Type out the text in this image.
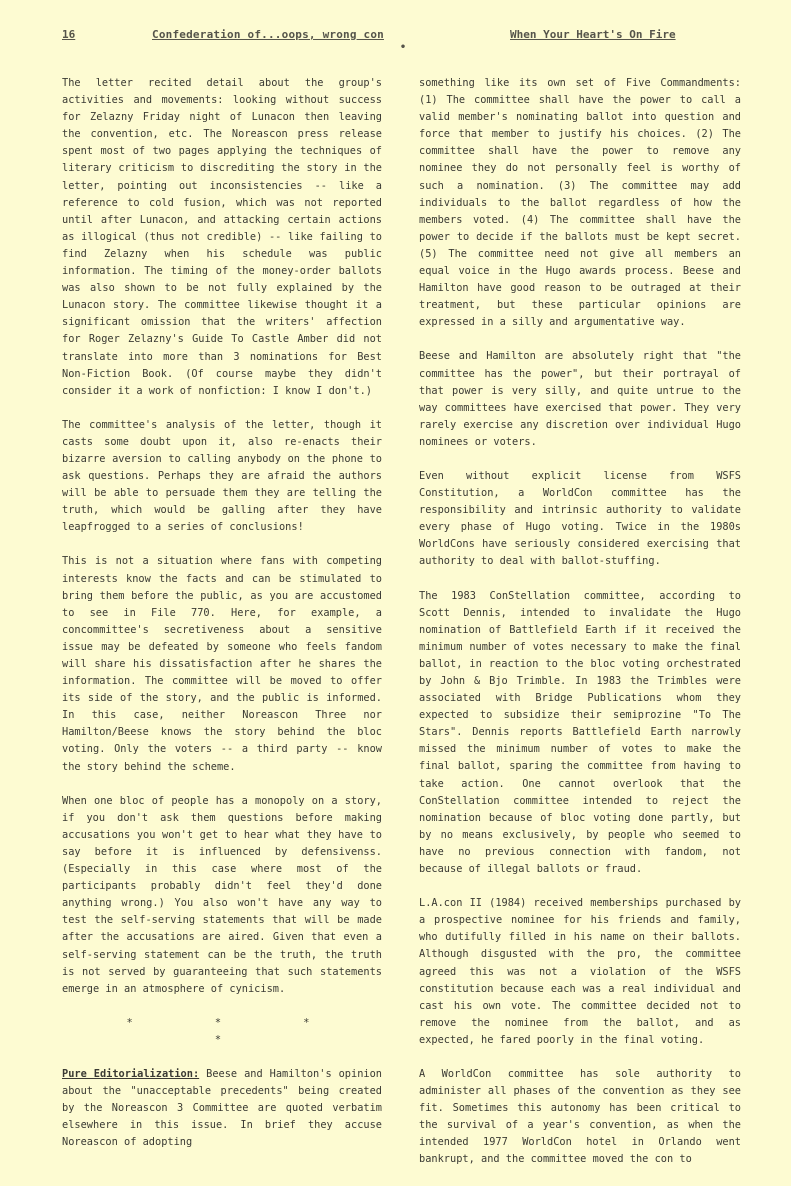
16	Confederation of...oops, wrong con
•
When Your Heart's On Fire

The letter recited detail about the group's activities and movements: looking without success for Zelazny Friday night of Lunacon then leaving the convention, etc. The Noreascon press release spent most of two pages applying the techniques of literary criticism to discrediting the story in the letter, pointing out inconsistencies -- like a reference to cold fusion, which was not reported until after Lunacon, and attacking certain actions as illogical (thus not credible) -- like failing to find Zelazny when his schedule was public information. The timing of the money-order ballots was also shown to be not fully explained by the Lunacon story. The committee likewise thought it a significant omission that the writers' affection for Roger Zelazny's Guide To Castle Amber did not translate into more than 3 nominations for Best Non-Fiction Book. (Of course maybe they didn't consider it a work of nonfiction: I know I don't.)

The committee's analysis of the letter, though it casts some doubt upon it, also re-enacts their bizarre aversion to calling anybody on the phone to ask questions. Perhaps they are afraid the authors will be able to persuade them they are telling the truth, which would be galling after they have leapfrogged to a series of conclusions!

This is not a situation where fans with competing interests know the facts and can be stimulated to bring them before the public, as you are accustomed to see in File 770. Here, for example, a concommittee's secretiveness about a sensitive issue may be defeated by someone who feels fandom will share his dissatisfaction after he shares the information. The committee will be moved to offer its side of the story, and the public is informed. In this case, neither Noreascon Three nor Hamilton/Beese knows the story behind the bloc voting. Only the voters -- a third party -- know the story behind the scheme.

When one bloc of people has a monopoly on a story, if you don't ask them questions before making accusations you won't get to hear what they have to say before it is influenced by defensivenss. (Especially in this case where most of the participants probably didn't feel they'd done anything wrong.) You also won't have any way to test the self-serving statements that will be made after the accusations are aired. Given that even a self-serving statement can be the truth, the truth is not served by guaranteeing that such statements emerge in an atmosphere of cynicism.

* * * *

Pure Editorialization: Beese and Hamilton's opinion about the "unacceptable precedents" being created by the Noreascon 3 Committee are quoted verbatim elsewhere in this issue. In brief they accuse Noreascon of adopting

something like its own set of Five Commandments: (1) The committee shall have the power to call a valid member's nominating ballot into question and force that member to justify his choices. (2) The committee shall have the power to remove any nominee they do not personally feel is worthy of such a nomination. (3) The committee may add individuals to the ballot regardless of how the members voted. (4) The committee shall have the power to decide if the ballots must be kept secret. (5) The committee need not give all members an equal voice in the Hugo awards process. Beese and Hamilton have good reason to be outraged at their treatment, but these particular opinions are expressed in a silly and argumentative way.

Beese and Hamilton are absolutely right that "the committee has the power", but their portrayal of that power is very silly, and quite untrue to the way committees have exercised that power. They very rarely exercise any discretion over individual Hugo nominees or voters.

Even without explicit license from WSFS Constitution, a WorldCon committee has the responsibility and intrinsic authority to validate every phase of Hugo voting. Twice in the 1980s WorldCons have seriously considered exercising that authority to deal with ballot-stuffing.

The 1983 ConStellation committee, according to Scott Dennis, intended to invalidate the Hugo nomination of Battlefield Earth if it received the minimum number of votes necessary to make the final ballot, in reaction to the bloc voting orchestrated by John & Bjo Trimble. In 1983 the Trimbles were associated with Bridge Publications whom they expected to subsidize their semiprozine "To The Stars". Dennis reports Battlefield Earth narrowly missed the minimum number of votes to make the final ballot, sparing the committee from having to take action. One cannot overlook that the ConStellation committee intended to reject the nomination because of bloc voting done partly, but by no means exclusively, by people who seemed to have no previous connection with fandom, not because of illegal ballots or fraud.

L.A.con II (1984) received memberships purchased by a prospective nominee for his friends and family, who dutifully filled in his name on their ballots. Although disgusted with the pro, the committee agreed this was not a violation of the WSFS constitution because each was a real individual and cast his own vote. The committee decided not to remove the nominee from the ballot, and as expected, he fared poorly in the final voting.

A WorldCon committee has sole authority to administer all phases of the convention as they see fit. Sometimes this autonomy has been critical to the survival of a year's convention, as when the intended 1977 WorldCon hotel in Orlando went bankrupt, and the committee moved the con to
